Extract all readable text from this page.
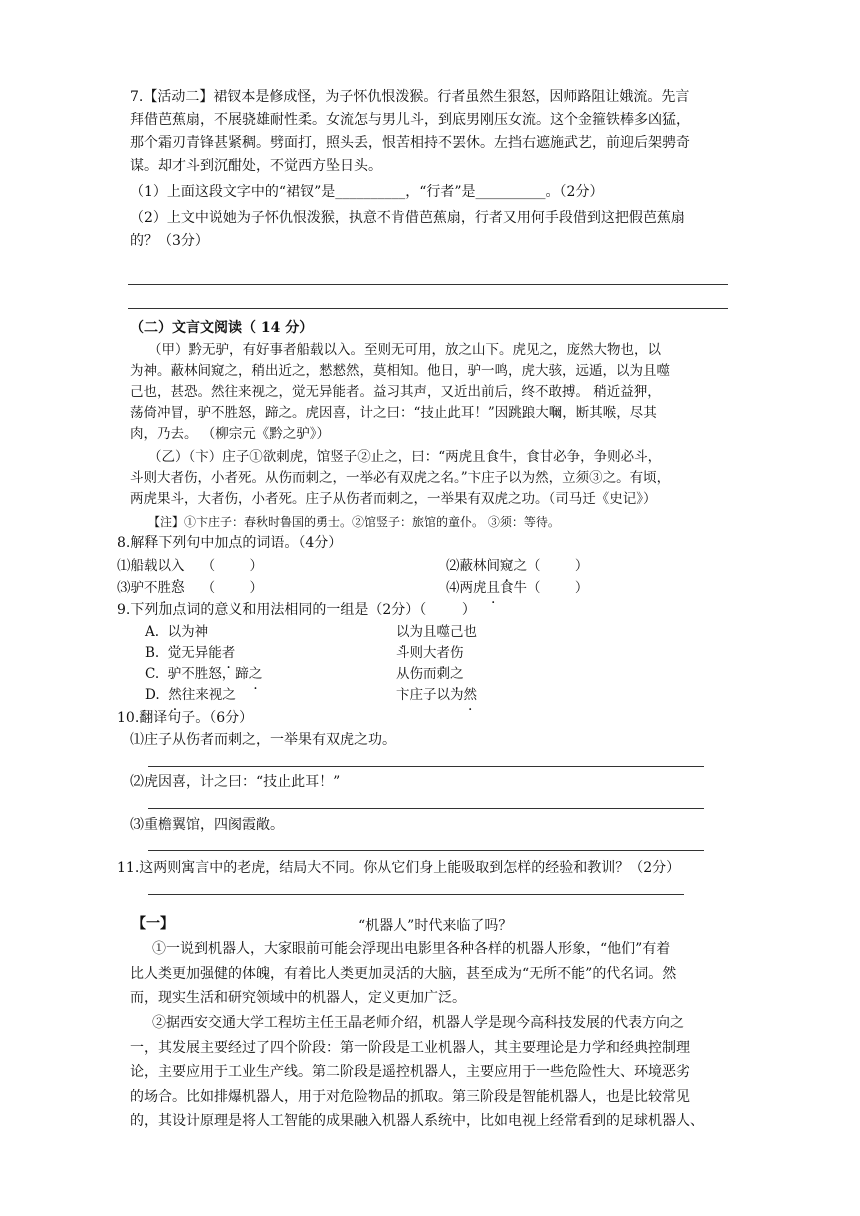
7.【活动二】裙钗本是修成怪，为子怀仇恨泼猴。行者虽然生狠怒，因师路阻让娥流。先言
拜借芭蕉扇，不展骁雄耐性柔。女流怎与男儿斗，到底男刚压女流。这个金箍铁棒多凶猛，
那个霜刃青锋甚紧稠。劈面打，照头丢，恨苦相持不罢休。左挡右遮施武艺，前迎后架骋奇
谋。却才斗到沉酣处，不觉西方坠日头。
（1）上面这段文字中的“裙钗”是__________，“行者”是__________。（2分）
（2）上文中说她为子怀仇恨泼猴，执意不肯借芭蕉扇，行者又用何手段借到这把假芭蕉扇
的？（3分）
（二）文言文阅读（ 14 分）
（甲）黔无驴，有好事者船载以入。至则无可用，放之山下。虎见之，庞然大物也，以
为神。蔽林间窥之，稍出近之，憖憖然，莫相知。他日，驴一鸣，虎大骇，远遁，以为且噬
己也，甚恐。然往来视之，觉无异能者。益习其声，又近出前后，终不敢搏。 稍近益狎，
荡倚冲冒，驴不胜怒，蹄之。虎因喜，计之曰：“技止此耳！”因跳踉大㘎，断其喉，尽其
肉，乃去。 （柳宗元《黔之驴》）
（乙）（卞）庄子①欲刺虎，馆竖子②止之，曰：“两虎且食牛，食甘必争，争则必斗，
斗则大者伤，小者死。从伤而刺之，一举必有双虎之名。”卞庄子以为然，立须③之。有顷，
两虎果斗，大者伤，小者死。庄子从伤者而刺之，一举果有双虎之功。（司马迁《史记》）
【注】①卞庄子：春秋时鲁国的勇士。②馆竖子：旅馆的童仆。 ③须：等待。
8.解释下列句中加点的词语。（4分）
⑴船载以入    （        ）	⑵蔽林间窥之（        ）
⑶驴不胜怒    （        ）	⑷两虎且食牛（        ）
9.下列加点词的意义和用法相同的一组是（2分）（        ）
A.  以为神	以为且噬己也
B.  觉无异能者	斗则大者伤
C.  驴不胜怒，蹄之	从伤而刺之
D.  然往来视之	卞庄子以为然
10.翻译句子。（6分）
⑴庄子从伤者而刺之，一举果有双虎之功。
⑵虎因喜，计之曰：“技止此耳！”
⑶重檐翼馆，四阂霞敞。
11.这两则寓言中的老虎，结局大不同。你从它们身上能吸取到怎样的经验和教训？（2分）
【一】	“机器人”时代来临了吗？
①一说到机器人，大家眼前可能会浮现出电影里各种各样的机器人形象，“他们”有着
比人类更加强健的体魄，有着比人类更加灵活的大脑，甚至成为“无所不能”的代名词。然
而，现实生活和研究领域中的机器人，定义更加广泛。
②据西安交通大学工程坊主任王晶老师介绍，机器人学是现今高科技发展的代表方向之
一，其发展主要经过了四个阶段：第一阶段是工业机器人，其主要理论是力学和经典控制理
论，主要应用于工业生产线。第二阶段是遥控机器人，主要应用于一些危险性大、环境恶劣
的场合。比如排爆机器人，用于对危险物品的抓取。第三阶段是智能机器人，也是比较常见
的，其设计原理是将人工智能的成果融入机器人系统中，比如电视上经常看到的足球机器人、
